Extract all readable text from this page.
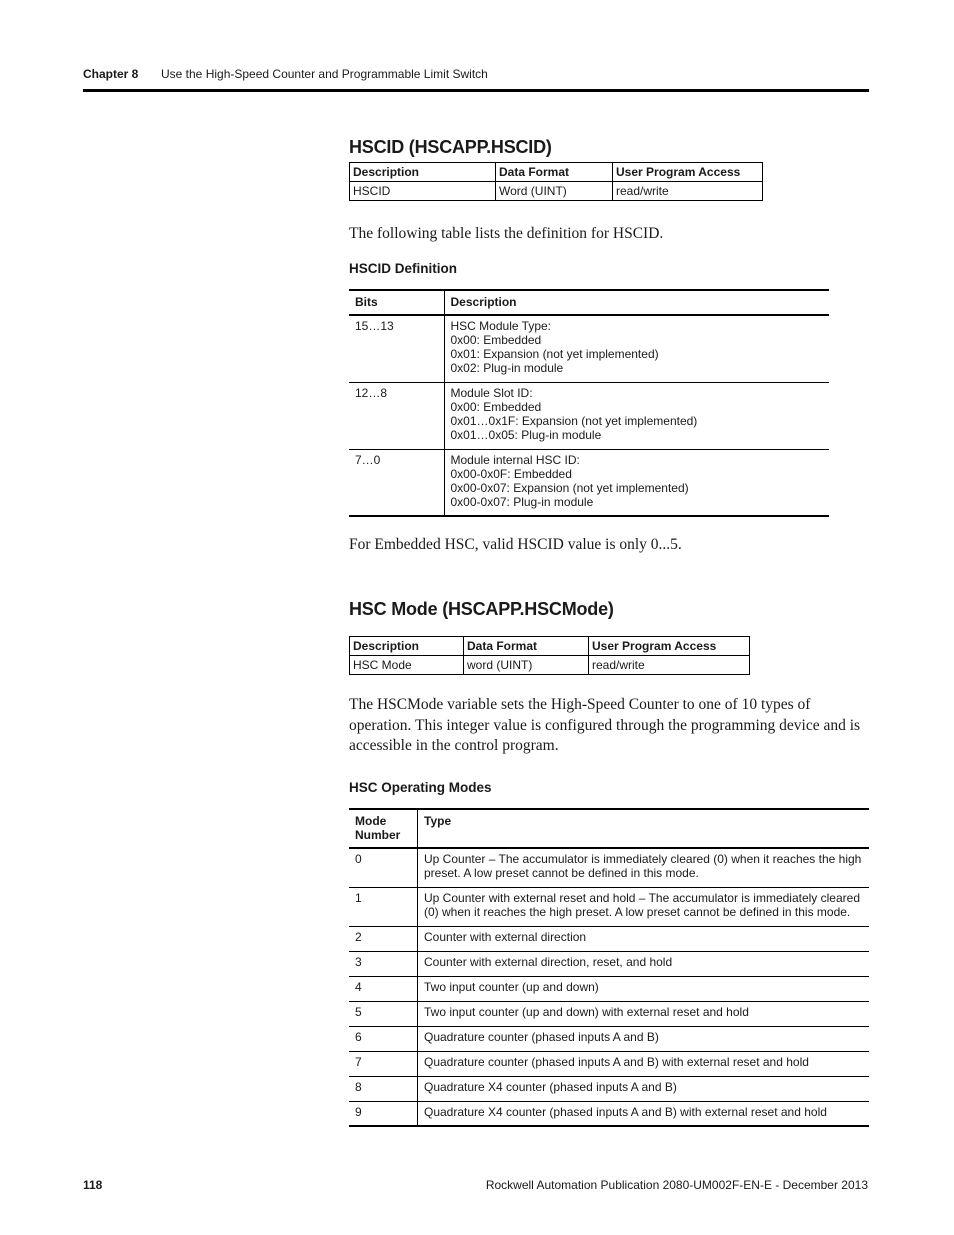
Chapter 8 Use the High-Speed Counter and Programmable Limit Switch
HSCID (HSCAPP.HSCID)
Description	Data Format	User Program Access
HSCID	Word (UINT)	read/write
The following table lists the definition for HSCID.
HSCID Definition
Bits	Description
15…13	HSC Module Type:
0x00: Embedded
0x01: Expansion (not yet implemented)
0x02: Plug-in module
12…8	Module Slot ID:
0x00: Embedded
0x01…0x1F: Expansion (not yet implemented)
0x01…0x05: Plug-in module
7…0	Module internal HSC ID:
0x00-0x0F: Embedded
0x00-0x07: Expansion (not yet implemented)
0x00-0x07: Plug-in module
For Embedded HSC, valid HSCID value is only 0...5.
HSC Mode (HSCAPP.HSCMode)
Description	Data Format	User Program Access
HSC Mode	word (UINT)	read/write
The HSCMode variable sets the High-Speed Counter to one of 10 types of operation. This integer value is configured through the programming device and is accessible in the control program.
HSC Operating Modes
Mode Number	Type
0	Up Counter – The accumulator is immediately cleared (0) when it reaches the high preset. A low preset cannot be defined in this mode.
1	Up Counter with external reset and hold – The accumulator is immediately cleared (0) when it reaches the high preset. A low preset cannot be defined in this mode.
2	Counter with external direction
3	Counter with external direction, reset, and hold
4	Two input counter (up and down)
5	Two input counter (up and down) with external reset and hold
6	Quadrature counter (phased inputs A and B)
7	Quadrature counter (phased inputs A and B) with external reset and hold
8	Quadrature X4 counter (phased inputs A and B)
9	Quadrature X4 counter (phased inputs A and B) with external reset and hold
118	Rockwell Automation Publication 2080-UM002F-EN-E - December 2013
